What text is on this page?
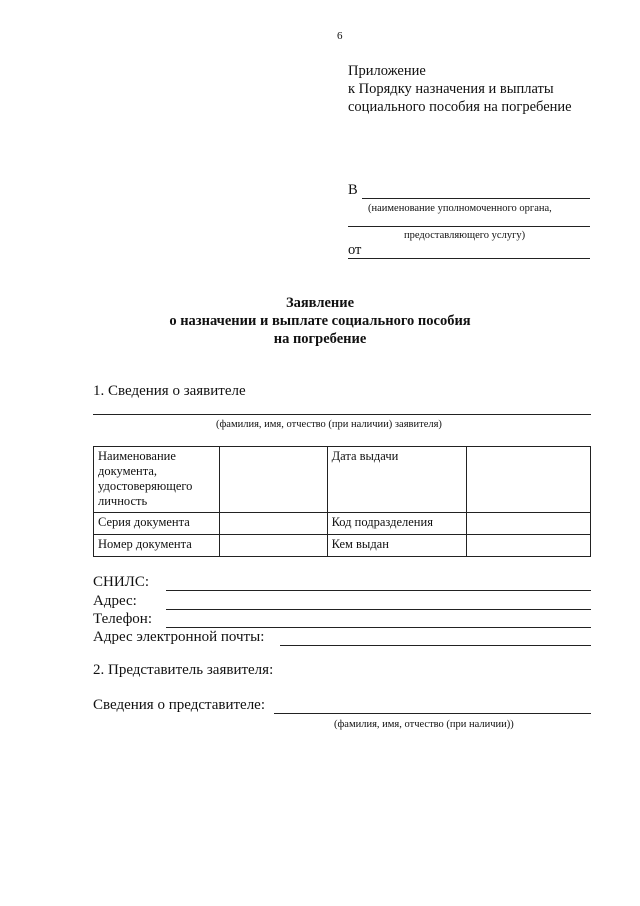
6
Приложение
к Порядку назначения и выплаты
социального пособия на погребение
В
(наименование уполномоченного органа,
предоставляющего услугу)
от
Заявление
о назначении и выплате социального пособия
на погребение
1. Сведения о заявителе
(фамилия, имя, отчество (при наличии) заявителя)
Наименование документа, удостоверяющего личность		Дата выдачи	
Серия документа		Код подразделения	
Номер документа		Кем выдан	
СНИЛС:
Адрес:
Телефон:
Адрес электронной почты:
2. Представитель заявителя:
Сведения о представителе:
(фамилия, имя, отчество (при наличии))
